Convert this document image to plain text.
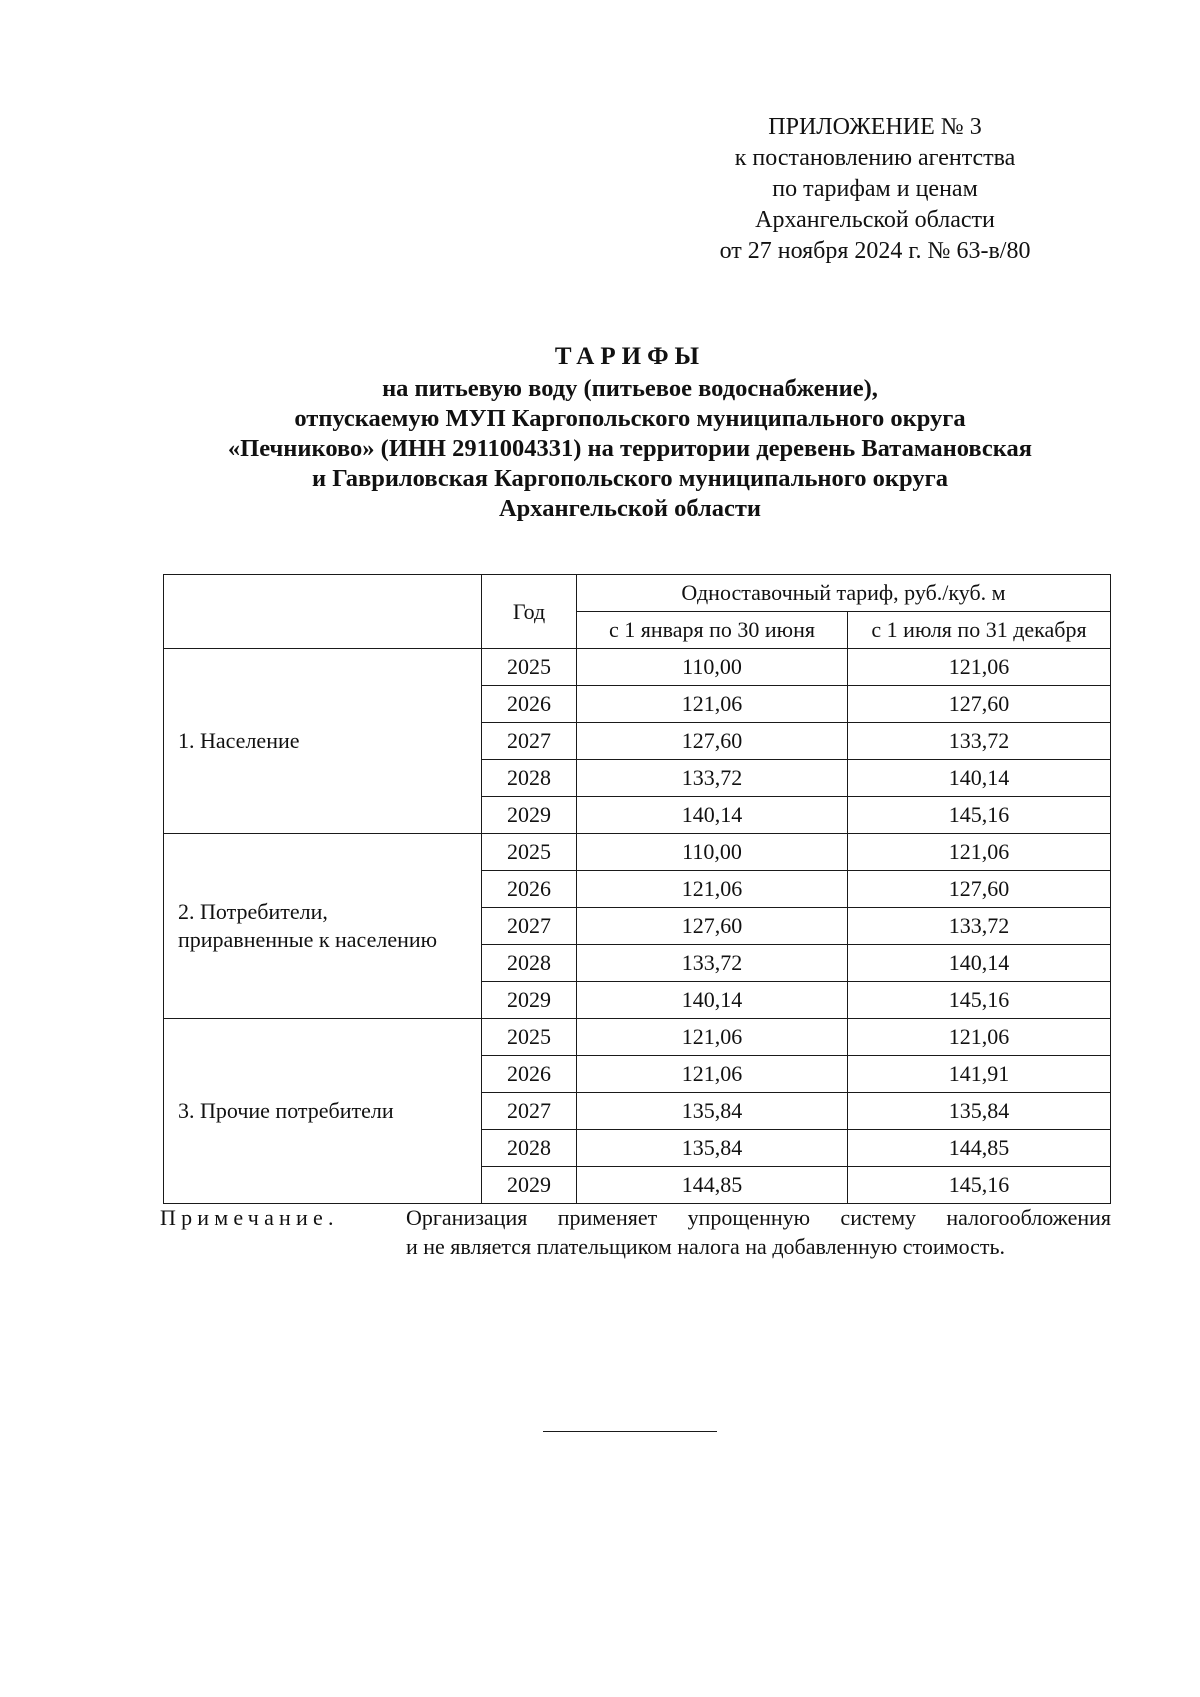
ПРИЛОЖЕНИЕ № 3
к постановлению агентства
по тарифам и ценам
Архангельской области
от 27 ноября 2024 г. № 63-в/80
ТАРИФЫ
на питьевую воду (питьевое водоснабжение),
отпускаемую МУП Каргопольского муниципального округа
«Печниково» (ИНН 2911004331) на территории деревень Ватамановская
и Гавриловская Каргопольского муниципального округа
Архангельской области
	Год	Одноставочный тариф, руб./куб. м	
		с 1 января по 30 июня	с 1 июля по 31 декабря

1. Население	2025	110,00	121,06
	2026	121,06	127,60
	2027	127,60	133,72
	2028	133,72	140,14
	2029	140,14	145,16

2. Потребители,
приравненные к населению	2025	110,00	121,06
	2026	121,06	127,60
	2027	127,60	133,72
	2028	133,72	140,14
	2029	140,14	145,16

3. Прочие потребители	2025	121,06	121,06
	2026	121,06	141,91
	2027	135,84	135,84
	2028	135,84	144,85
	2029	144,85	145,16
Примечание.	Организация применяет упрощенную систему налогообложения
и не является плательщиком налога на добавленную стоимость.
